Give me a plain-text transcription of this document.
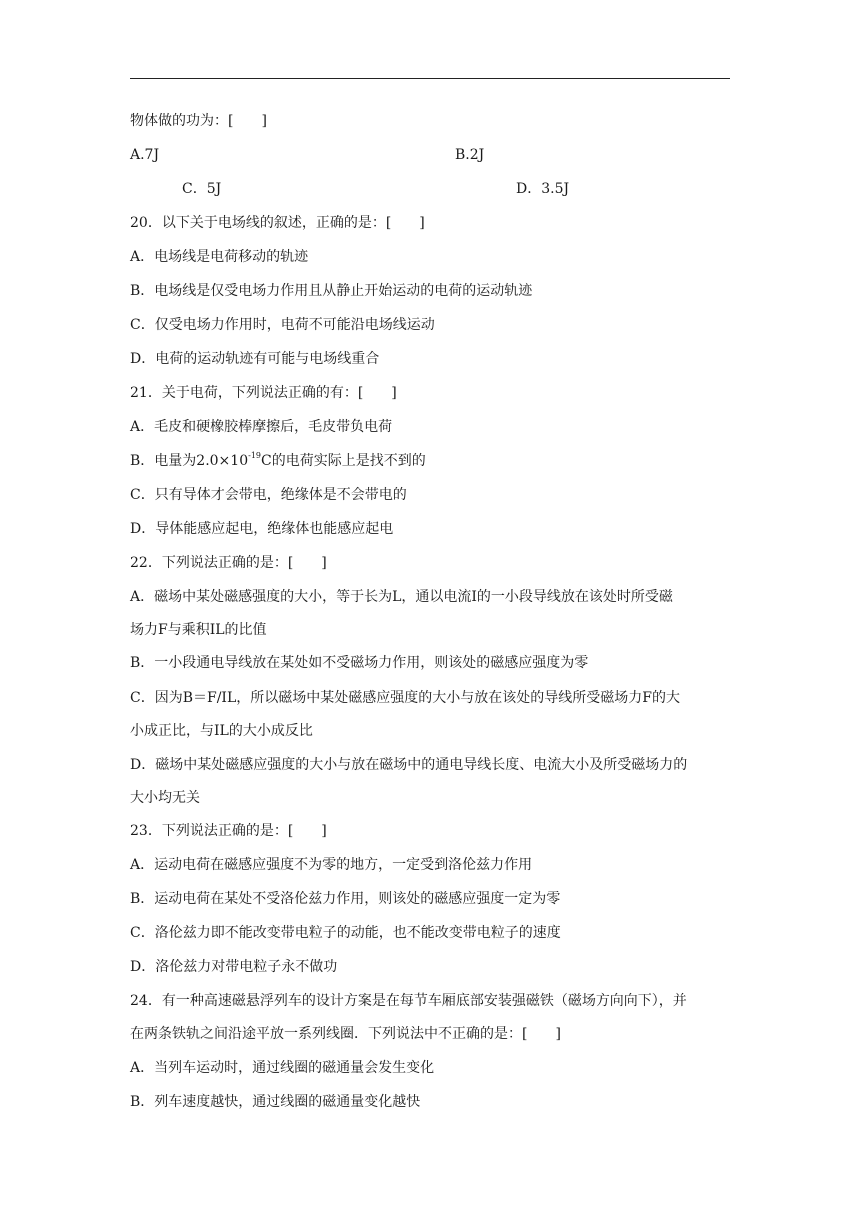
物体做的功为：[　　]
A.7J	B.2J
C．5J	D．3.5J
20．以下关于电场线的叙述，正确的是：[　　]
A．电场线是电荷移动的轨迹
B．电场线是仅受电场力作用且从静止开始运动的电荷的运动轨迹
C．仅受电场力作用时，电荷不可能沿电场线运动
D．电荷的运动轨迹有可能与电场线重合
21．关于电荷，下列说法正确的有：[　　]
A．毛皮和硬橡胶棒摩擦后，毛皮带负电荷
B．电量为$2.0\times 10^{-19}C$的电荷实际上是找不到的
C．只有导体才会带电，绝缘体是不会带电的
D．导体能感应起电，绝缘体也能感应起电
22．下列说法正确的是：[　　]
A．磁场中某处磁感强度的大小，等于长为L，通以电流I的一小段导线放在该处时所受磁
场力F与乘积IL的比值
B．一小段通电导线放在某处如不受磁场力作用，则该处的磁感应强度为零
C．因为B＝F/IL，所以磁场中某处磁感应强度的大小与放在该处的导线所受磁场力F的大
小成正比，与IL的大小成反比
D．磁场中某处磁感应强度的大小与放在磁场中的通电导线长度、电流大小及所受磁场力的
大小均无关
23．下列说法正确的是：[　　]
A．运动电荷在磁感应强度不为零的地方，一定受到洛伦兹力作用
B．运动电荷在某处不受洛伦兹力作用，则该处的磁感应强度一定为零
C．洛伦兹力即不能改变带电粒子的动能，也不能改变带电粒子的速度
D．洛伦兹力对带电粒子永不做功
24．有一种高速磁悬浮列车的设计方案是在每节车厢底部安装强磁铁（磁场方向向下），并
在两条铁轨之间沿途平放一系列线圈．下列说法中不正确的是：[　　]
A．当列车运动时，通过线圈的磁通量会发生变化
B．列车速度越快，通过线圈的磁通量变化越快
